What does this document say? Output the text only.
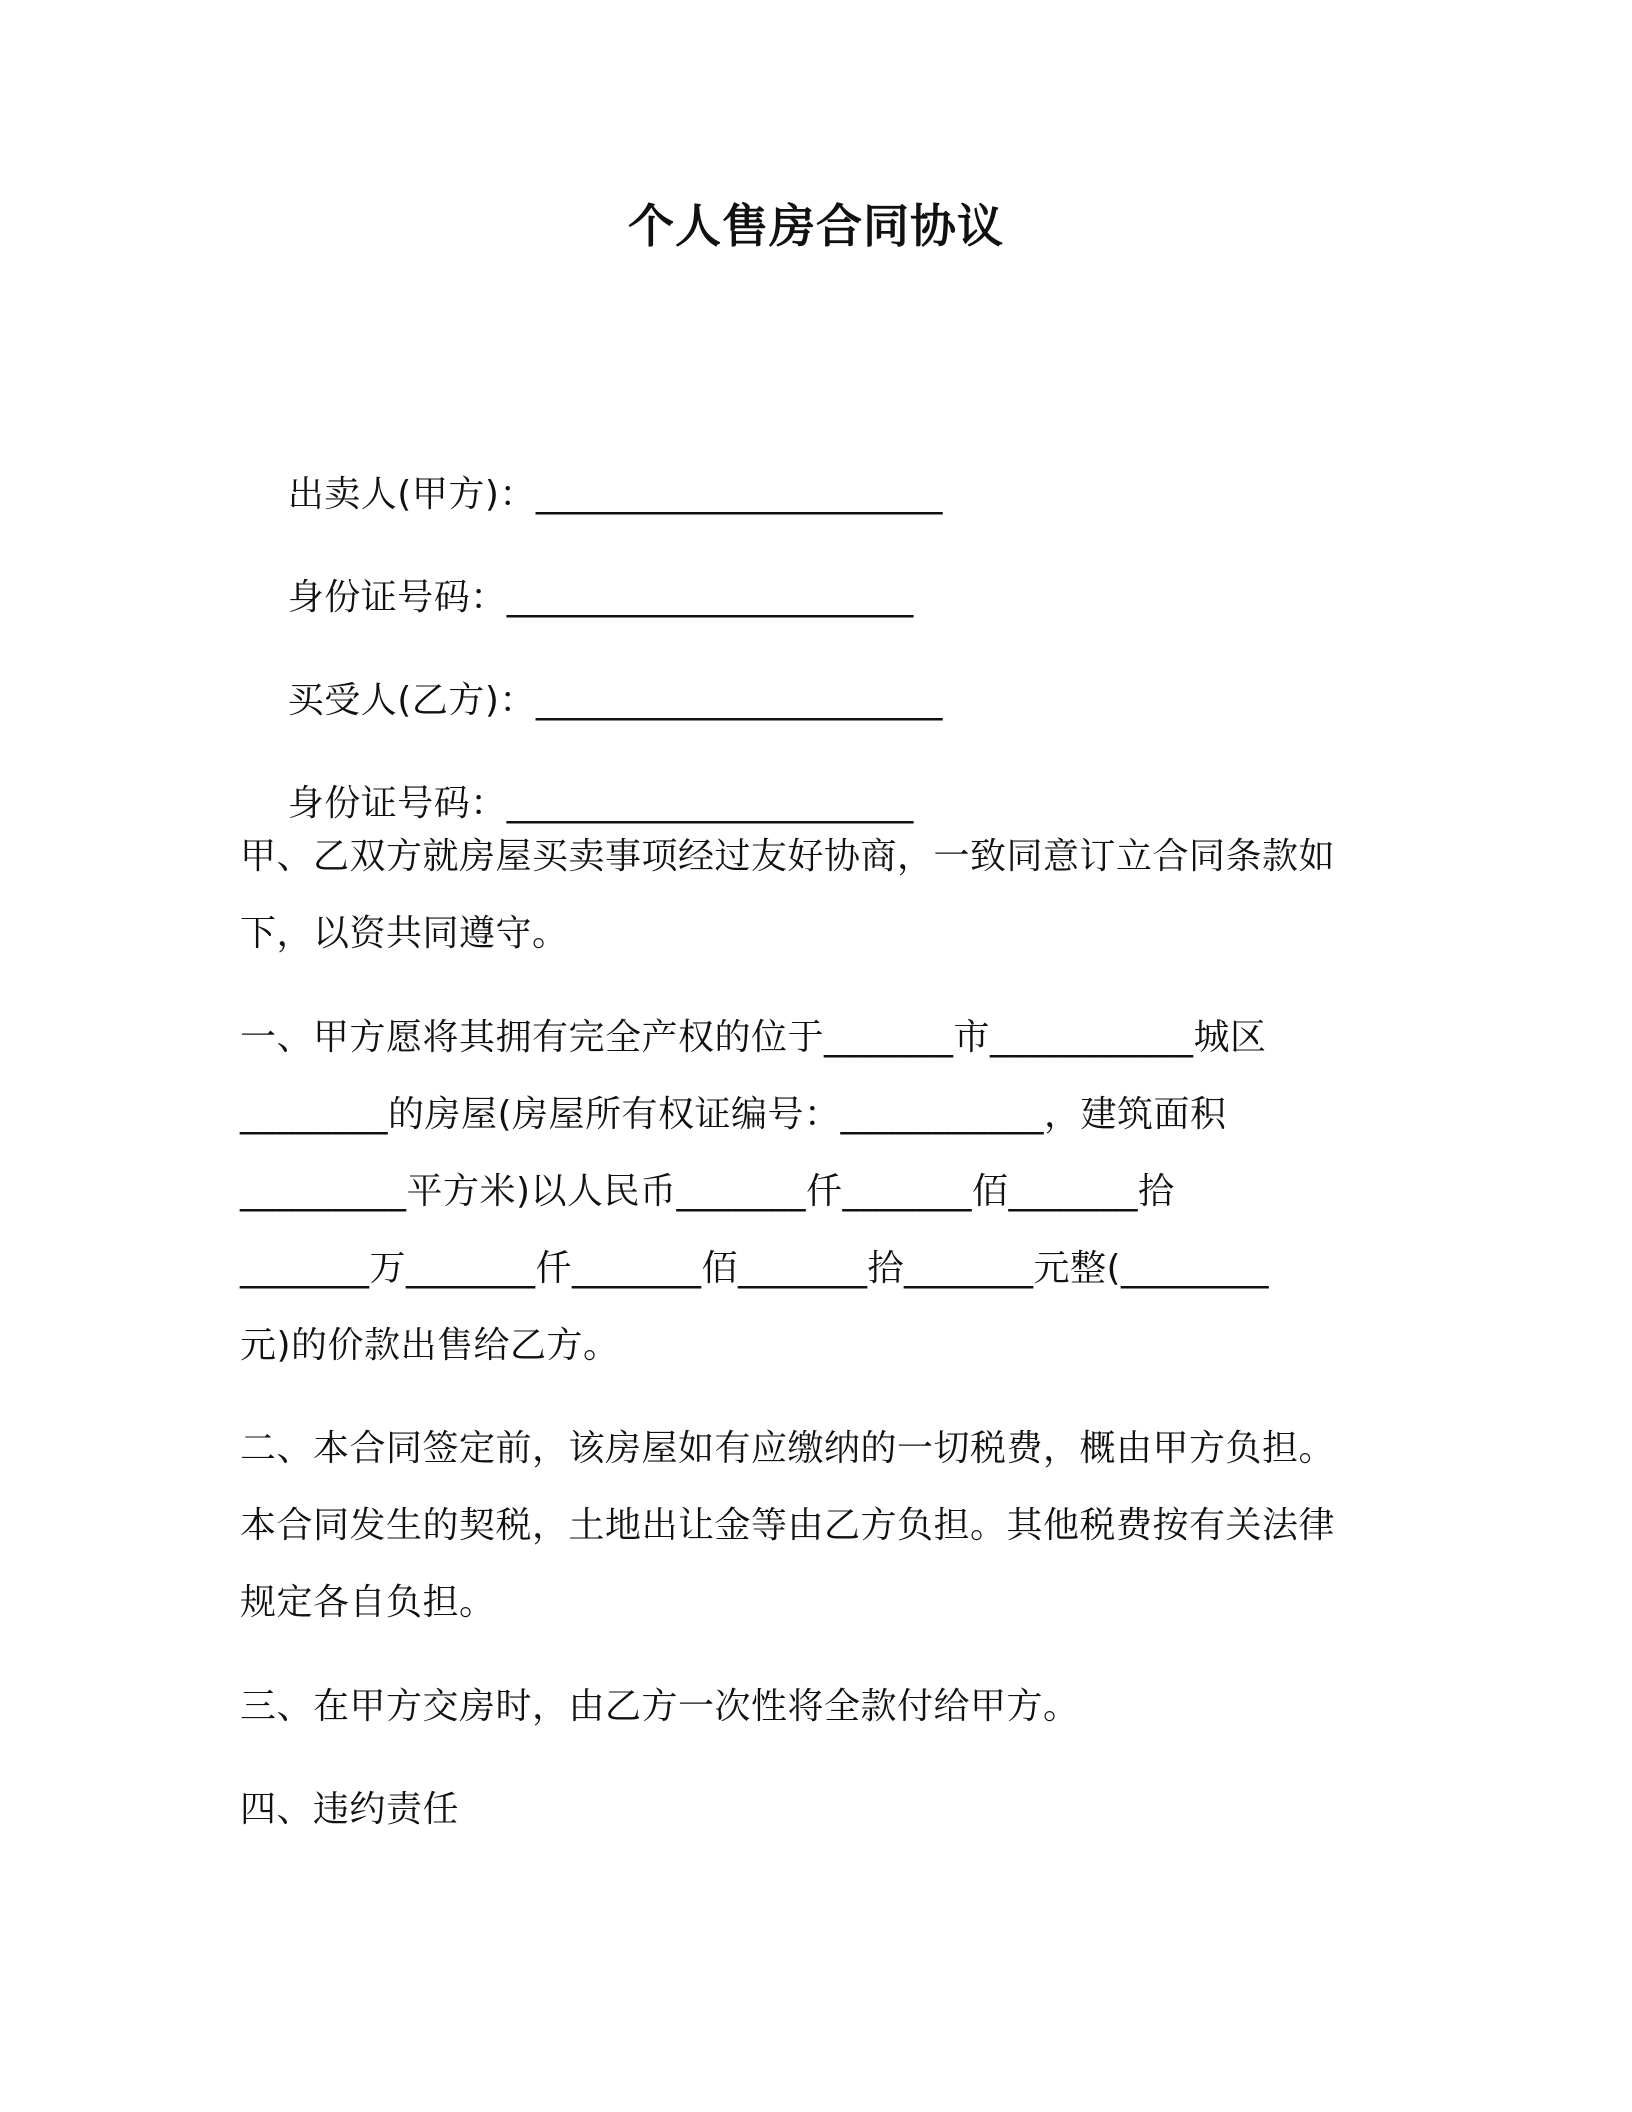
个人售房合同协议

出卖人(甲方)：______________________

身份证号码：______________________

买受人(乙方)：______________________

身份证号码：______________________

甲、乙双方就房屋买卖事项经过友好协商，一致同意订立合同条款如
下，以资共同遵守。
一、甲方愿将其拥有完全产权的位于_______市___________城区
________的房屋(房屋所有权证编号：___________，建筑面积
_________平方米)以人民币_______仟_______佰_______拾
_______万_______仟_______佰_______拾_______元整(________
元)的价款出售给乙方。
二、本合同签定前，该房屋如有应缴纳的一切税费，概由甲方负担。
本合同发生的契税，土地出让金等由乙方负担。其他税费按有关法律
规定各自负担。
三、在甲方交房时，由乙方一次性将全款付给甲方。
四、违约责任
